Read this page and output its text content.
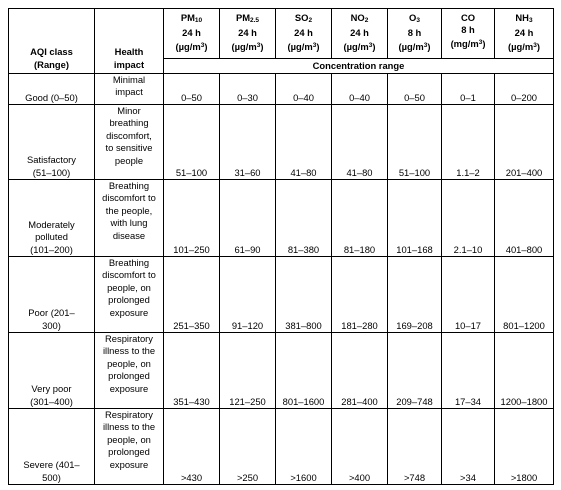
AQI class
(Range)	Health
impact	PM10
24 h
$(\mu g/m^3)$	PM2.5
24 h
$(\mu g/m^3)$	SO2
24 h
$(\mu g/m^3)$	NO2
24 h
$(\mu g/m^3)$	O3
8 h
$(\mu g/m^3)$	CO
8 h
$(mg/m^3)$	NH3
24 h
$(\mu g/m^3)$

		Concentration range						

Good (0–50)	Minimal
impact	0–50	0–30	0–40	0–40	0–50	0–1	0–200

Satisfactory
(51–100)	Minor
breathing
discomfort,
to sensitive
people	51–100	31–60	41–80	41–80	51–100	1.1–2	201–400

Moderately
polluted
(101–200)	Breathing
discomfort to
the people,
with lung
disease	101–250	61–90	81–380	81–180	101–168	2.1–10	401–800

Poor (201–
300)	Breathing
discomfort to
people, on
prolonged
exposure	251–350	91–120	381–800	181–280	169–208	10–17	801–1200

Very poor
(301–400)	Respiratory
illness to the
people, on
prolonged
exposure	351–430	121–250	801–1600	281–400	209–748	17–34	1200–1800

Severe (401–
500)	Respiratory
illness to the
people, on
prolonged
exposure	>430	>250	>1600	>400	>748	>34	>1800
